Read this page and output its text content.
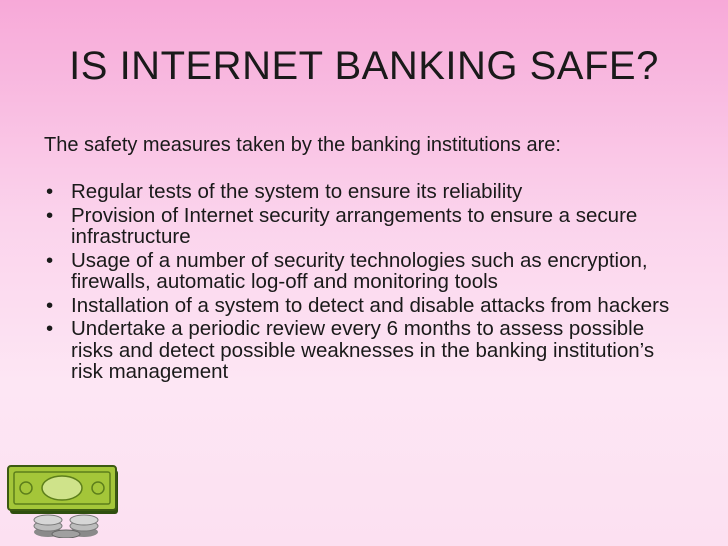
IS INTERNET BANKING SAFE?
The safety measures taken by the banking institutions are:
• Regular tests of the system to ensure its reliability
• Provision of Internet security arrangements to ensure a secure infrastructure
• Usage of a number of security technologies such as encryption, firewalls, automatic log-off and monitoring tools
• Installation of a system to detect and disable attacks from hackers
• Undertake a periodic review every 6 months to assess possible risks and detect possible weaknesses in the banking institution’s risk management
